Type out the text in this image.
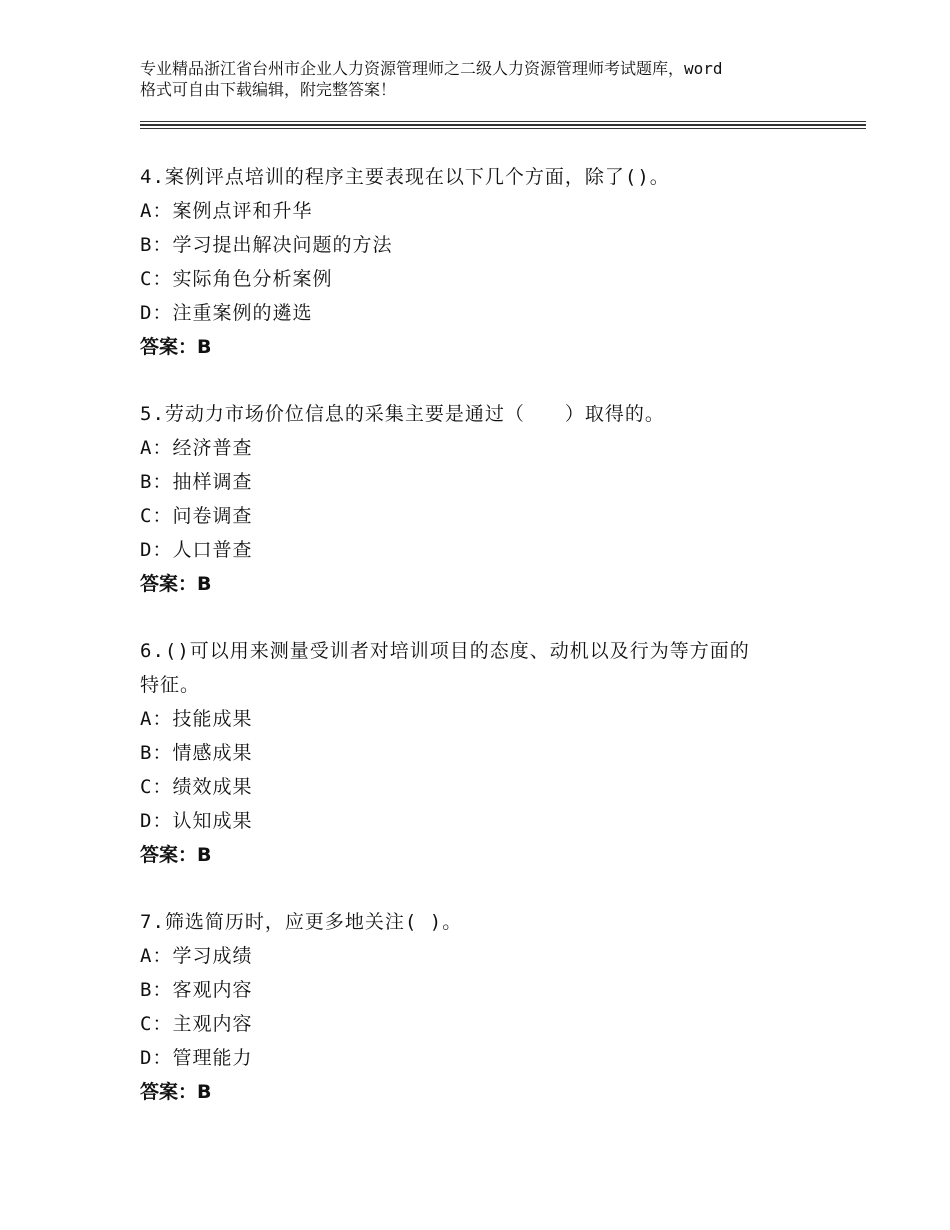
专业精品浙江省台州市企业人力资源管理师之二级人力资源管理师考试题库，word
格式可自由下载编辑，附完整答案！
4.案例评点培训的程序主要表现在以下几个方面，除了()。
A：案例点评和升华
B：学习提出解决问题的方法
C：实际角色分析案例
D：注重案例的遴选
答案：B
5.劳动力市场价位信息的采集主要是通过（　　）取得的。
A：经济普查
B：抽样调查
C：问卷调查
D：人口普查
答案：B
6.()可以用来测量受训者对培训项目的态度、动机以及行为等方面的
特征。
A：技能成果
B：情感成果
C：绩效成果
D：认知成果
答案：B
7.筛选简历时，应更多地关注( )。
A：学习成绩
B：客观内容
C：主观内容
D：管理能力
答案：B
